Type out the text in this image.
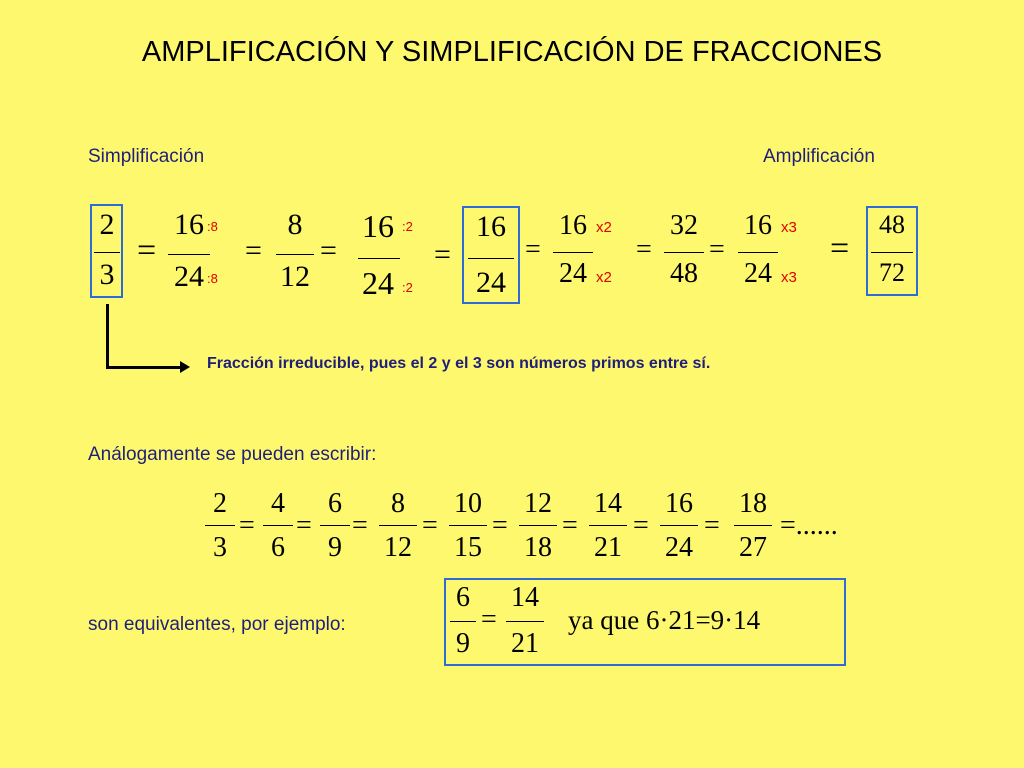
AMPLIFICACIÓN Y SIMPLIFICACIÓN DE FRACCIONES
Simplificación	Amplificación
2
3
=
16
24
:8
:8
=
8
12
=
16
24
:2
:2
=
16
24
=
16
24
x2
x2
=
32
48
=
16
24
x3
x3
=
48
72
Fracción irreducible, pues el 2 y el 3 son números primos entre sí.
Análogamente se pueden escribir:
2
3
=
4
6
=
6
9
=
8
12
=
10
15
=
12
18
=
14
21
=
16
24
=
18
27
=......
son equivalentes, por ejemplo:
6
9
=
14
21
ya que 6·21=9·14
